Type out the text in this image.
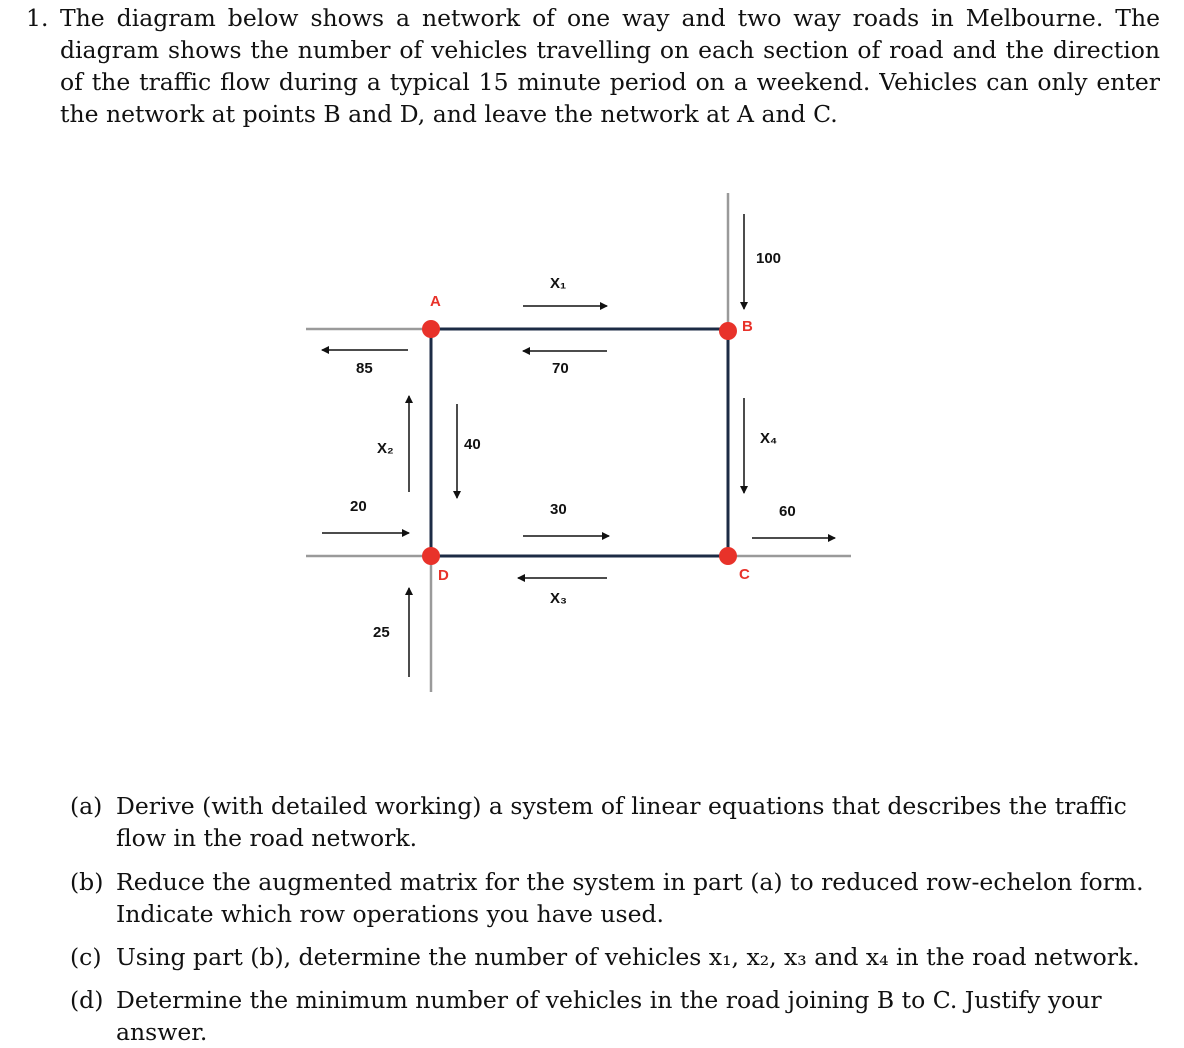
1. The diagram below shows a network of one way and two way roads in Melbourne. The diagram shows the number of vehicles travelling on each section of road and the direction of the traffic flow during a typical 15 minute period on a weekend. Vehicles can only enter the network at points B and D, and leave the network at A and C.
A
B
C
D
X₁
100
85	70
X₂	40	X₄
20	30	60
X₃
25
(a) Derive (with detailed working) a system of linear equations that describes the traffic flow in the road network.
(b) Reduce the augmented matrix for the system in part (a) to reduced row-echelon form. Indicate which row operations you have used.
(c) Using part (b), determine the number of vehicles x₁, x₂, x₃ and x₄ in the road network.
(d) Determine the minimum number of vehicles in the road joining B to C. Justify your answer.
